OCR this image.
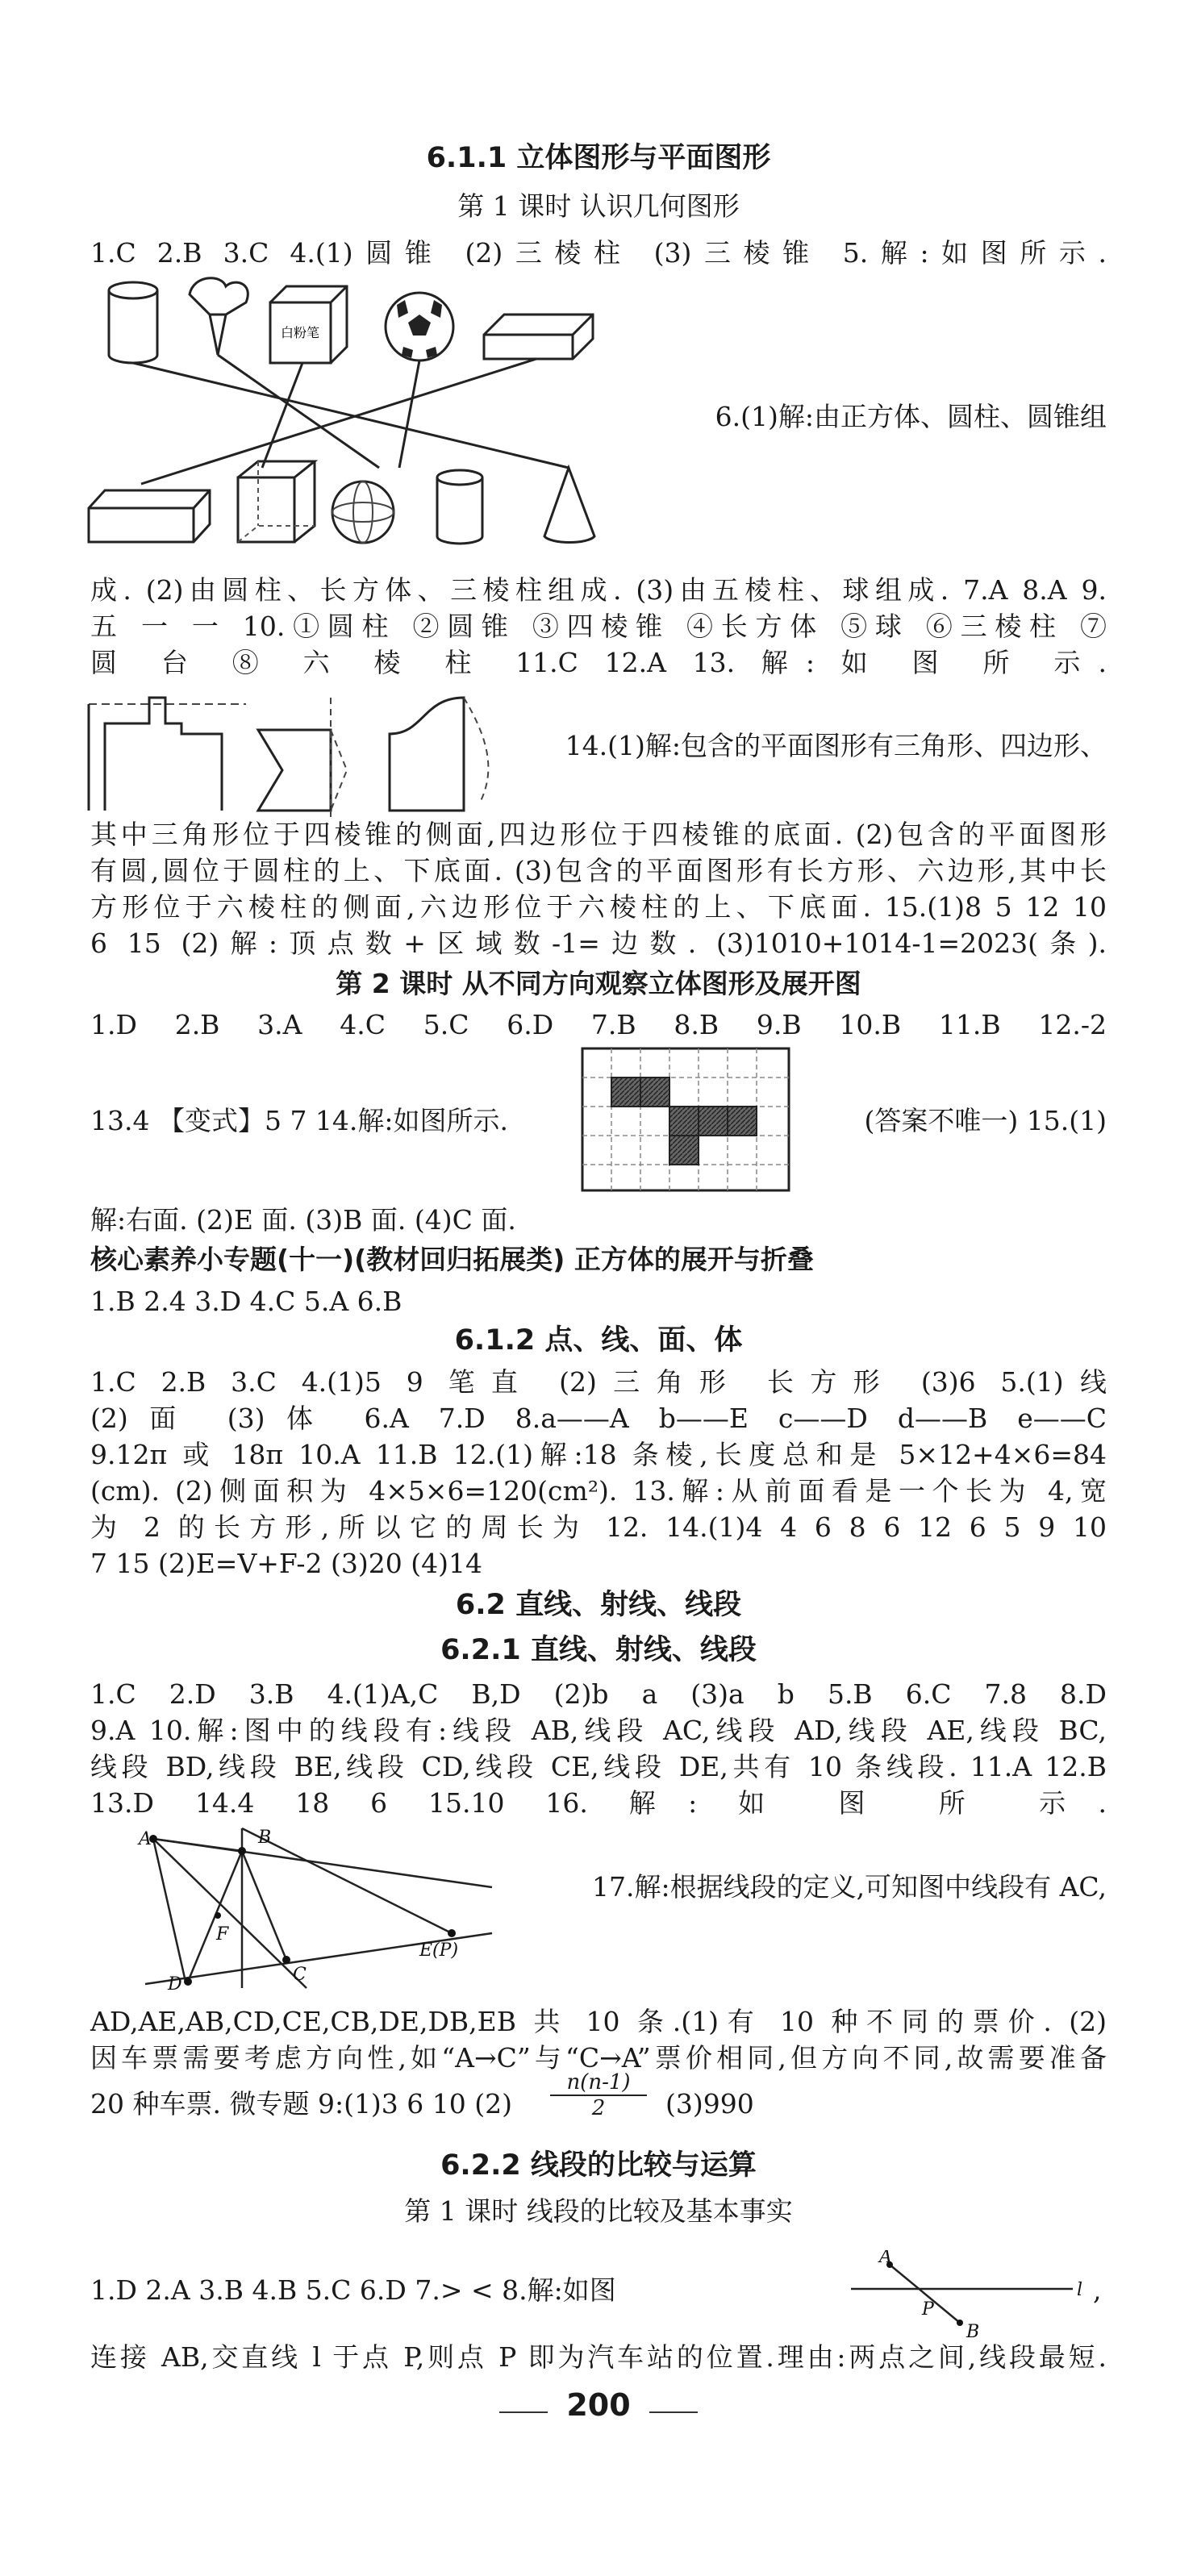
6.1.1 立体图形与平面图形
第 1 课时 认识几何图形
1.C 2.B 3.C 4.(1)圆锥 (2)三棱柱 (3)三棱锥 5.解:如图所示.
白粉笔
6.(1)解:由正方体、圆柱、圆锥组
成. (2)由圆柱、长方体、三棱柱组成. (3)由五棱柱、球组成. 7.A 8.A 9.
五 一 一 10.①圆柱 ②圆锥 ③四棱锥 ④长方体 ⑤球 ⑥三棱柱 ⑦
圆 台 ⑧ 六 棱 柱 11.C 12.A 13. 解: 如 图 所 示.
14.(1)解:包含的平面图形有三角形、四边形、
其中三角形位于四棱锥的侧面,四边形位于四棱锥的底面. (2)包含的平面图形
有圆,圆位于圆柱的上、下底面. (3)包含的平面图形有长方形、六边形,其中长
方形位于六棱柱的侧面,六边形位于六棱柱的上、下底面. 15.(1)8 5 12 10
6 15 (2)解:顶点数+区域数-1=边数. (3)1010+1014-1=2023(条).
第 2 课时 从不同方向观察立体图形及展开图
1.D 2.B 3.A 4.C 5.C 6.D 7.B 8.B 9.B 10.B 11.B 12.-2
13.4 【变式】5 7 14.解:如图所示.	(答案不唯一) 15.(1)
解:右面. (2)E 面. (3)B 面. (4)C 面.
核心素养小专题(十一)(教材回归拓展类) 正方体的展开与折叠
1.B 2.4 3.D 4.C 5.A 6.B
6.1.2 点、线、面、体
1.C 2.B 3.C 4.(1)5 9 笔直 (2)三角形 长方形 (3)6 5.(1)线
(2)面 (3)体 6.A 7.D 8.a——A b——E c——D d——B e——C
9.12π 或 18π 10.A 11.B 12.(1)解:18 条棱,长度总和是 5×12+4×6=84
(cm). (2)侧面积为 4×5×6=120(cm²). 13.解:从前面看是一个长为 4,宽
为 2 的长方形,所以它的周长为 12. 14.(1)4 4 6 8 6 12 6 5 9 10
7 15 (2)E=V+F-2 (3)20 (4)14
6.2 直线、射线、线段
6.2.1 直线、射线、线段
1.C 2.D 3.B 4.(1)A,C B,D (2)b a (3)a b 5.B 6.C 7.8 8.D
9.A 10.解:图中的线段有:线段 AB,线段 AC,线段 AD,线段 AE,线段 BC,
线段 BD,线段 BE,线段 CD,线段 CE,线段 DE,共有 10 条线段. 11.A 12.B
13.D 14.4 18 6 15.10 16. 解: 如 图 所 示.
A	B
C
D
F
E(P)
17.解:根据线段的定义,可知图中线段有 AC,
AD,AE,AB,CD,CE,CB,DE,DB,EB 共 10 条.(1)有 10 种不同的票价. (2)
因车票需要考虑方向性,如“A→C”与“C→A”票价相同,但方向不同,故需要准备
20 种车票. 微专题 9:(1)3 6 10 (2)	$\frac{n(n-1)}{2} (3)990$
6.2.2 线段的比较与运算
第 1 课时 线段的比较及基本事实
1.D 2.A 3.B 4.B 5.C 6.D 7.> < 8.解:如图
A
P
B
l ,
连接 AB,交直线 l 于点 P,则点 P 即为汽车站的位置.理由:两点之间,线段最短.
200
